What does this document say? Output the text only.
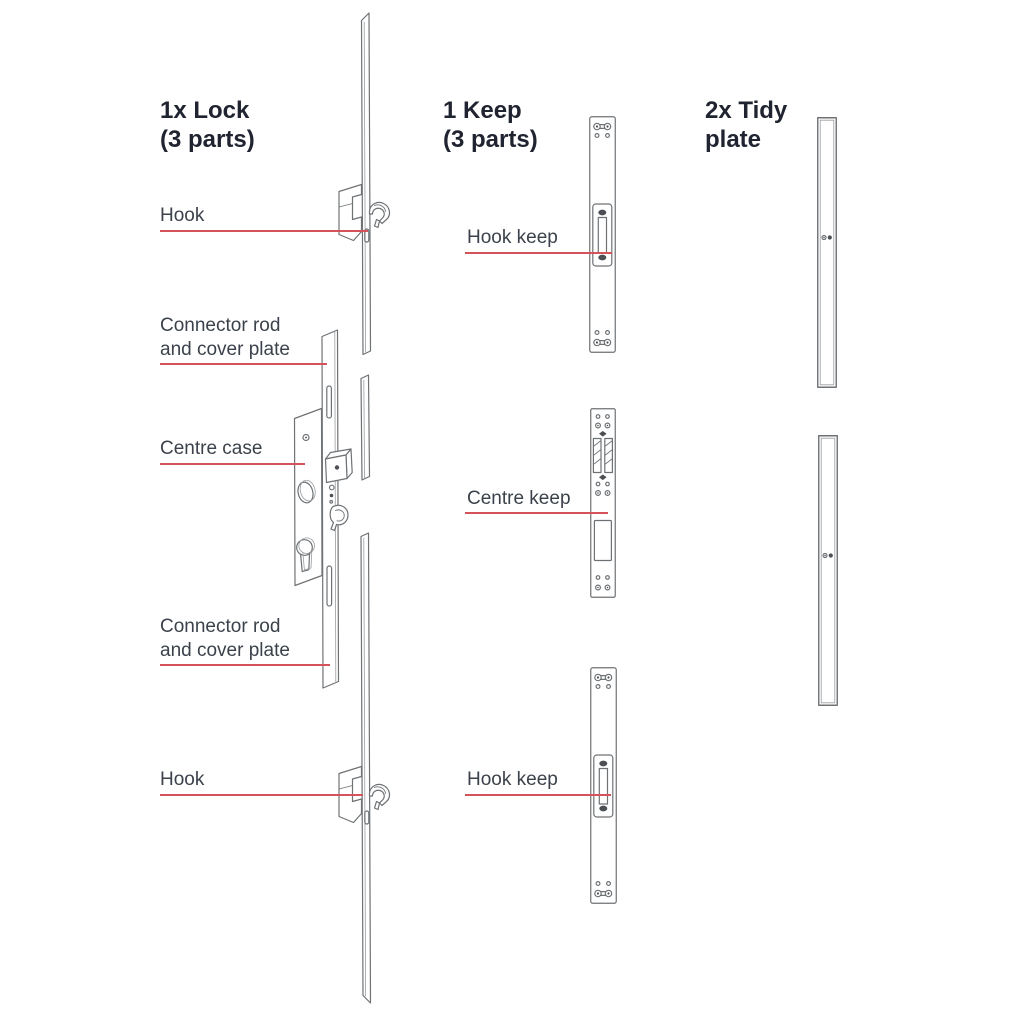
1x Lock
(3 parts)
1 Keep
(3 parts)
2x Tidy
plate
Hook
Connector rod
and cover plate
Centre case
Connector rod
and cover plate
Hook
Hook keep
Centre keep
Hook keep
